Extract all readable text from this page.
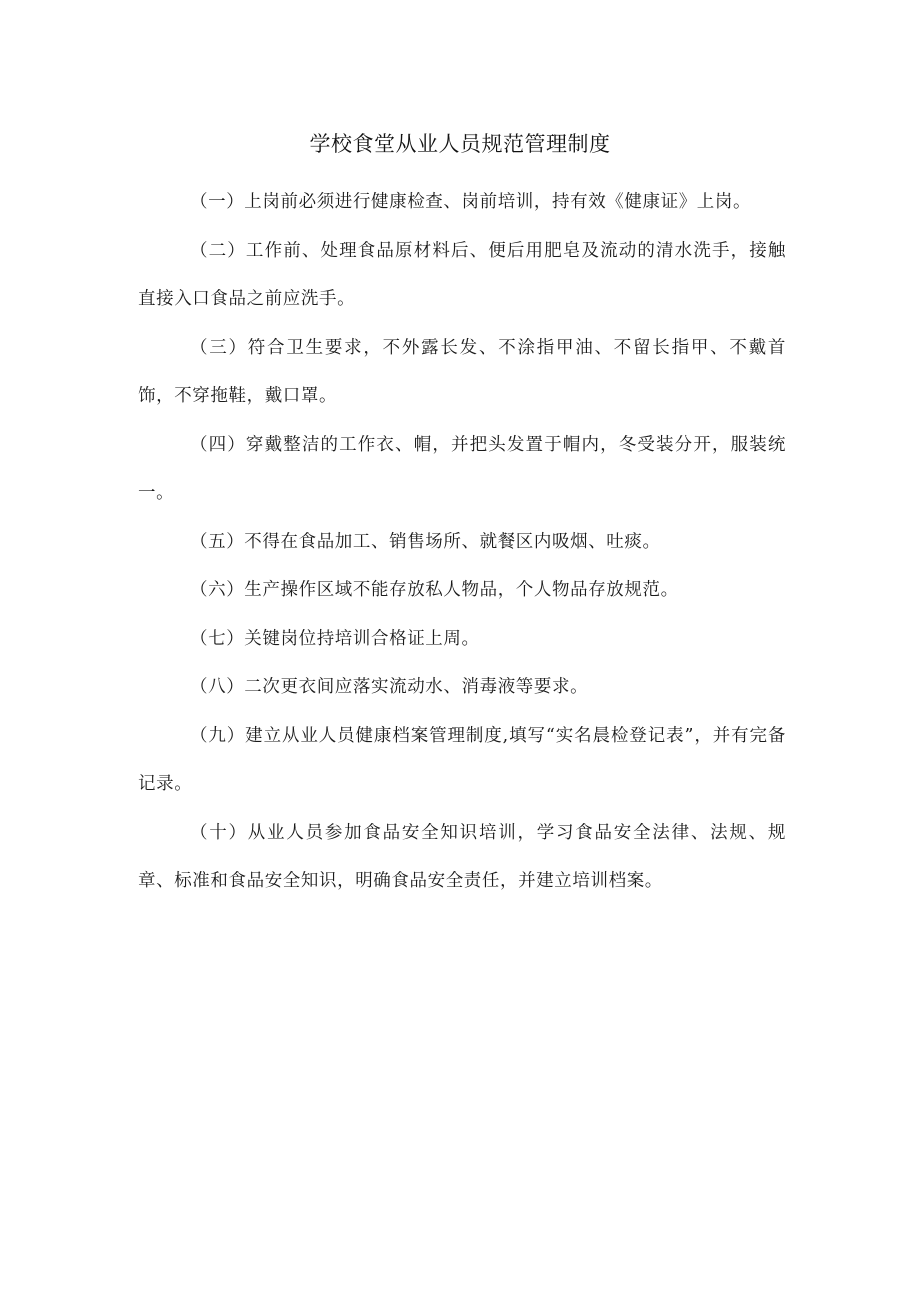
学校食堂从业人员规范管理制度

（一）上岗前必须进行健康检查、岗前培训，持有效《健康证》上岗。

（二）工作前、处理食品原材料后、便后用肥皂及流动的清水洗手，接触直接入口食品之前应洗手。

（三）符合卫生要求，不外露长发、不涂指甲油、不留长指甲、不戴首饰，不穿拖鞋，戴口罩。

（四）穿戴整洁的工作衣、帽，并把头发置于帽内，冬受装分开，服装统一。

（五）不得在食品加工、销售场所、就餐区内吸烟、吐痰。

（六）生产操作区域不能存放私人物品，个人物品存放规范。

（七）关键岗位持培训合格证上周。

（八）二次更衣间应落实流动水、消毒液等要求。

（九）建立从业人员健康档案管理制度,填写“实名晨检登记表”，并有完备记录。

（十）从业人员参加食品安全知识培训，学习食品安全法律、法规、规章、标准和食品安全知识，明确食品安全责任，并建立培训档案。
